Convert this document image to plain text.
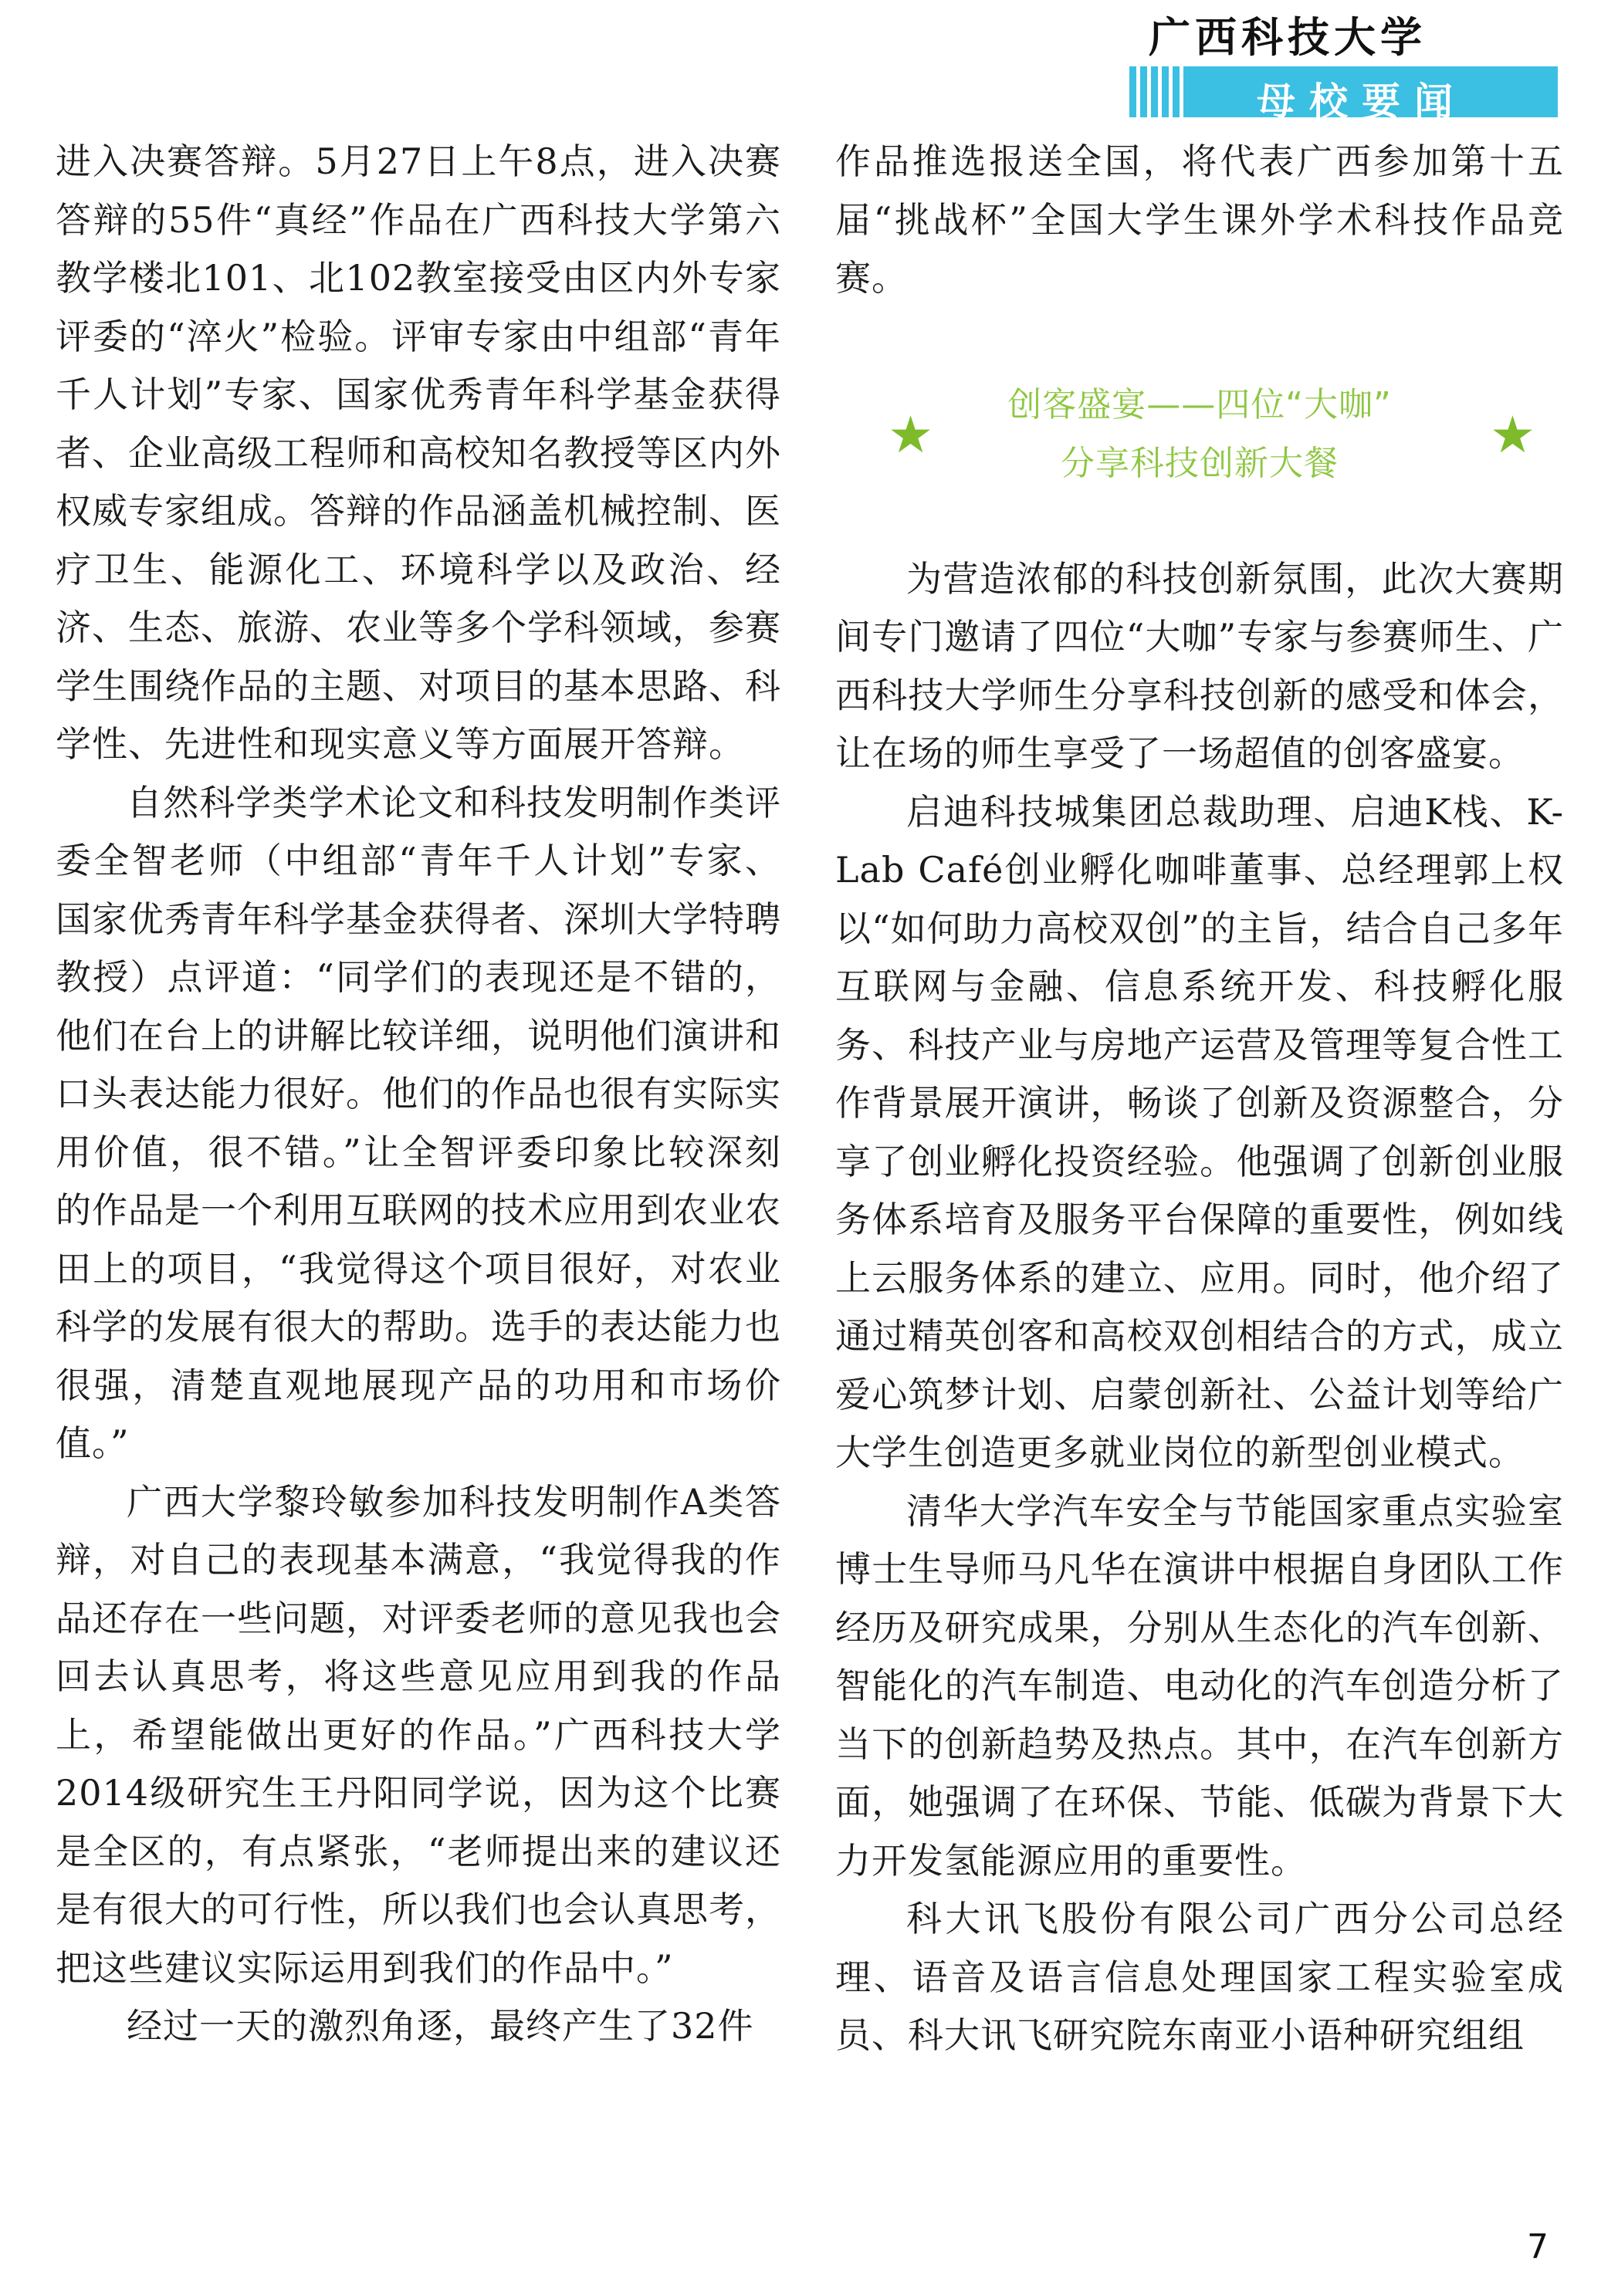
广西科技大学
母校要闻

进入决赛答辩。5月27日上午8点，进入决赛答辩的55件“真经”作品在广西科技大学第六教学楼北101、北102教室接受由区内外专家评委的“淬火”检验。评审专家由中组部“青年千人计划”专家、国家优秀青年科学基金获得者、企业高级工程师和高校知名教授等区内外权威专家组成。答辩的作品涵盖机械控制、医疗卫生、能源化工、环境科学以及政治、经济、生态、旅游、农业等多个学科领域，参赛学生围绕作品的主题、对项目的基本思路、科学性、先进性和现实意义等方面展开答辩。

自然科学类学术论文和科技发明制作类评委全智老师（中组部“青年千人计划”专家、国家优秀青年科学基金获得者、深圳大学特聘教授）点评道：“同学们的表现还是不错的，他们在台上的讲解比较详细，说明他们演讲和口头表达能力很好。他们的作品也很有实际实用价值，很不错。”让全智评委印象比较深刻的作品是一个利用互联网的技术应用到农业农田上的项目，“我觉得这个项目很好，对农业科学的发展有很大的帮助。选手的表达能力也很强，清楚直观地展现产品的功用和市场价值。”

广西大学黎玲敏参加科技发明制作A类答辩，对自己的表现基本满意，“我觉得我的作品还存在一些问题，对评委老师的意见我也会回去认真思考，将这些意见应用到我的作品上，希望能做出更好的作品。”广西科技大学2014级研究生王丹阳同学说，因为这个比赛是全区的，有点紧张，“老师提出来的建议还是有很大的可行性，所以我们也会认真思考，把这些建议实际运用到我们的作品中。”

经过一天的激烈角逐，最终产生了32件

作品推选报送全国，将代表广西参加第十五届“挑战杯”全国大学生课外学术科技作品竞赛。

★
创客盛宴——四位“大咖”
分享科技创新大餐	★

为营造浓郁的科技创新氛围，此次大赛期间专门邀请了四位“大咖”专家与参赛师生、广西科技大学师生分享科技创新的感受和体会，让在场的师生享受了一场超值的创客盛宴。

启迪科技城集团总裁助理、启迪K栈、K-Lab Café创业孵化咖啡董事、总经理郭上权以“如何助力高校双创”的主旨，结合自己多年互联网与金融、信息系统开发、科技孵化服务、科技产业与房地产运营及管理等复合性工作背景展开演讲，畅谈了创新及资源整合，分享了创业孵化投资经验。他强调了创新创业服务体系培育及服务平台保障的重要性，例如线上云服务体系的建立、应用。同时，他介绍了通过精英创客和高校双创相结合的方式，成立爱心筑梦计划、启蒙创新社、公益计划等给广大学生创造更多就业岗位的新型创业模式。

清华大学汽车安全与节能国家重点实验室博士生导师马凡华在演讲中根据自身团队工作经历及研究成果，分别从生态化的汽车创新、智能化的汽车制造、电动化的汽车创造分析了当下的创新趋势及热点。其中，在汽车创新方面，她强调了在环保、节能、低碳为背景下大力开发氢能源应用的重要性。

科大讯飞股份有限公司广西分公司总经理、语音及语言信息处理国家工程实验室成员、科大讯飞研究院东南亚小语种研究组组

7
